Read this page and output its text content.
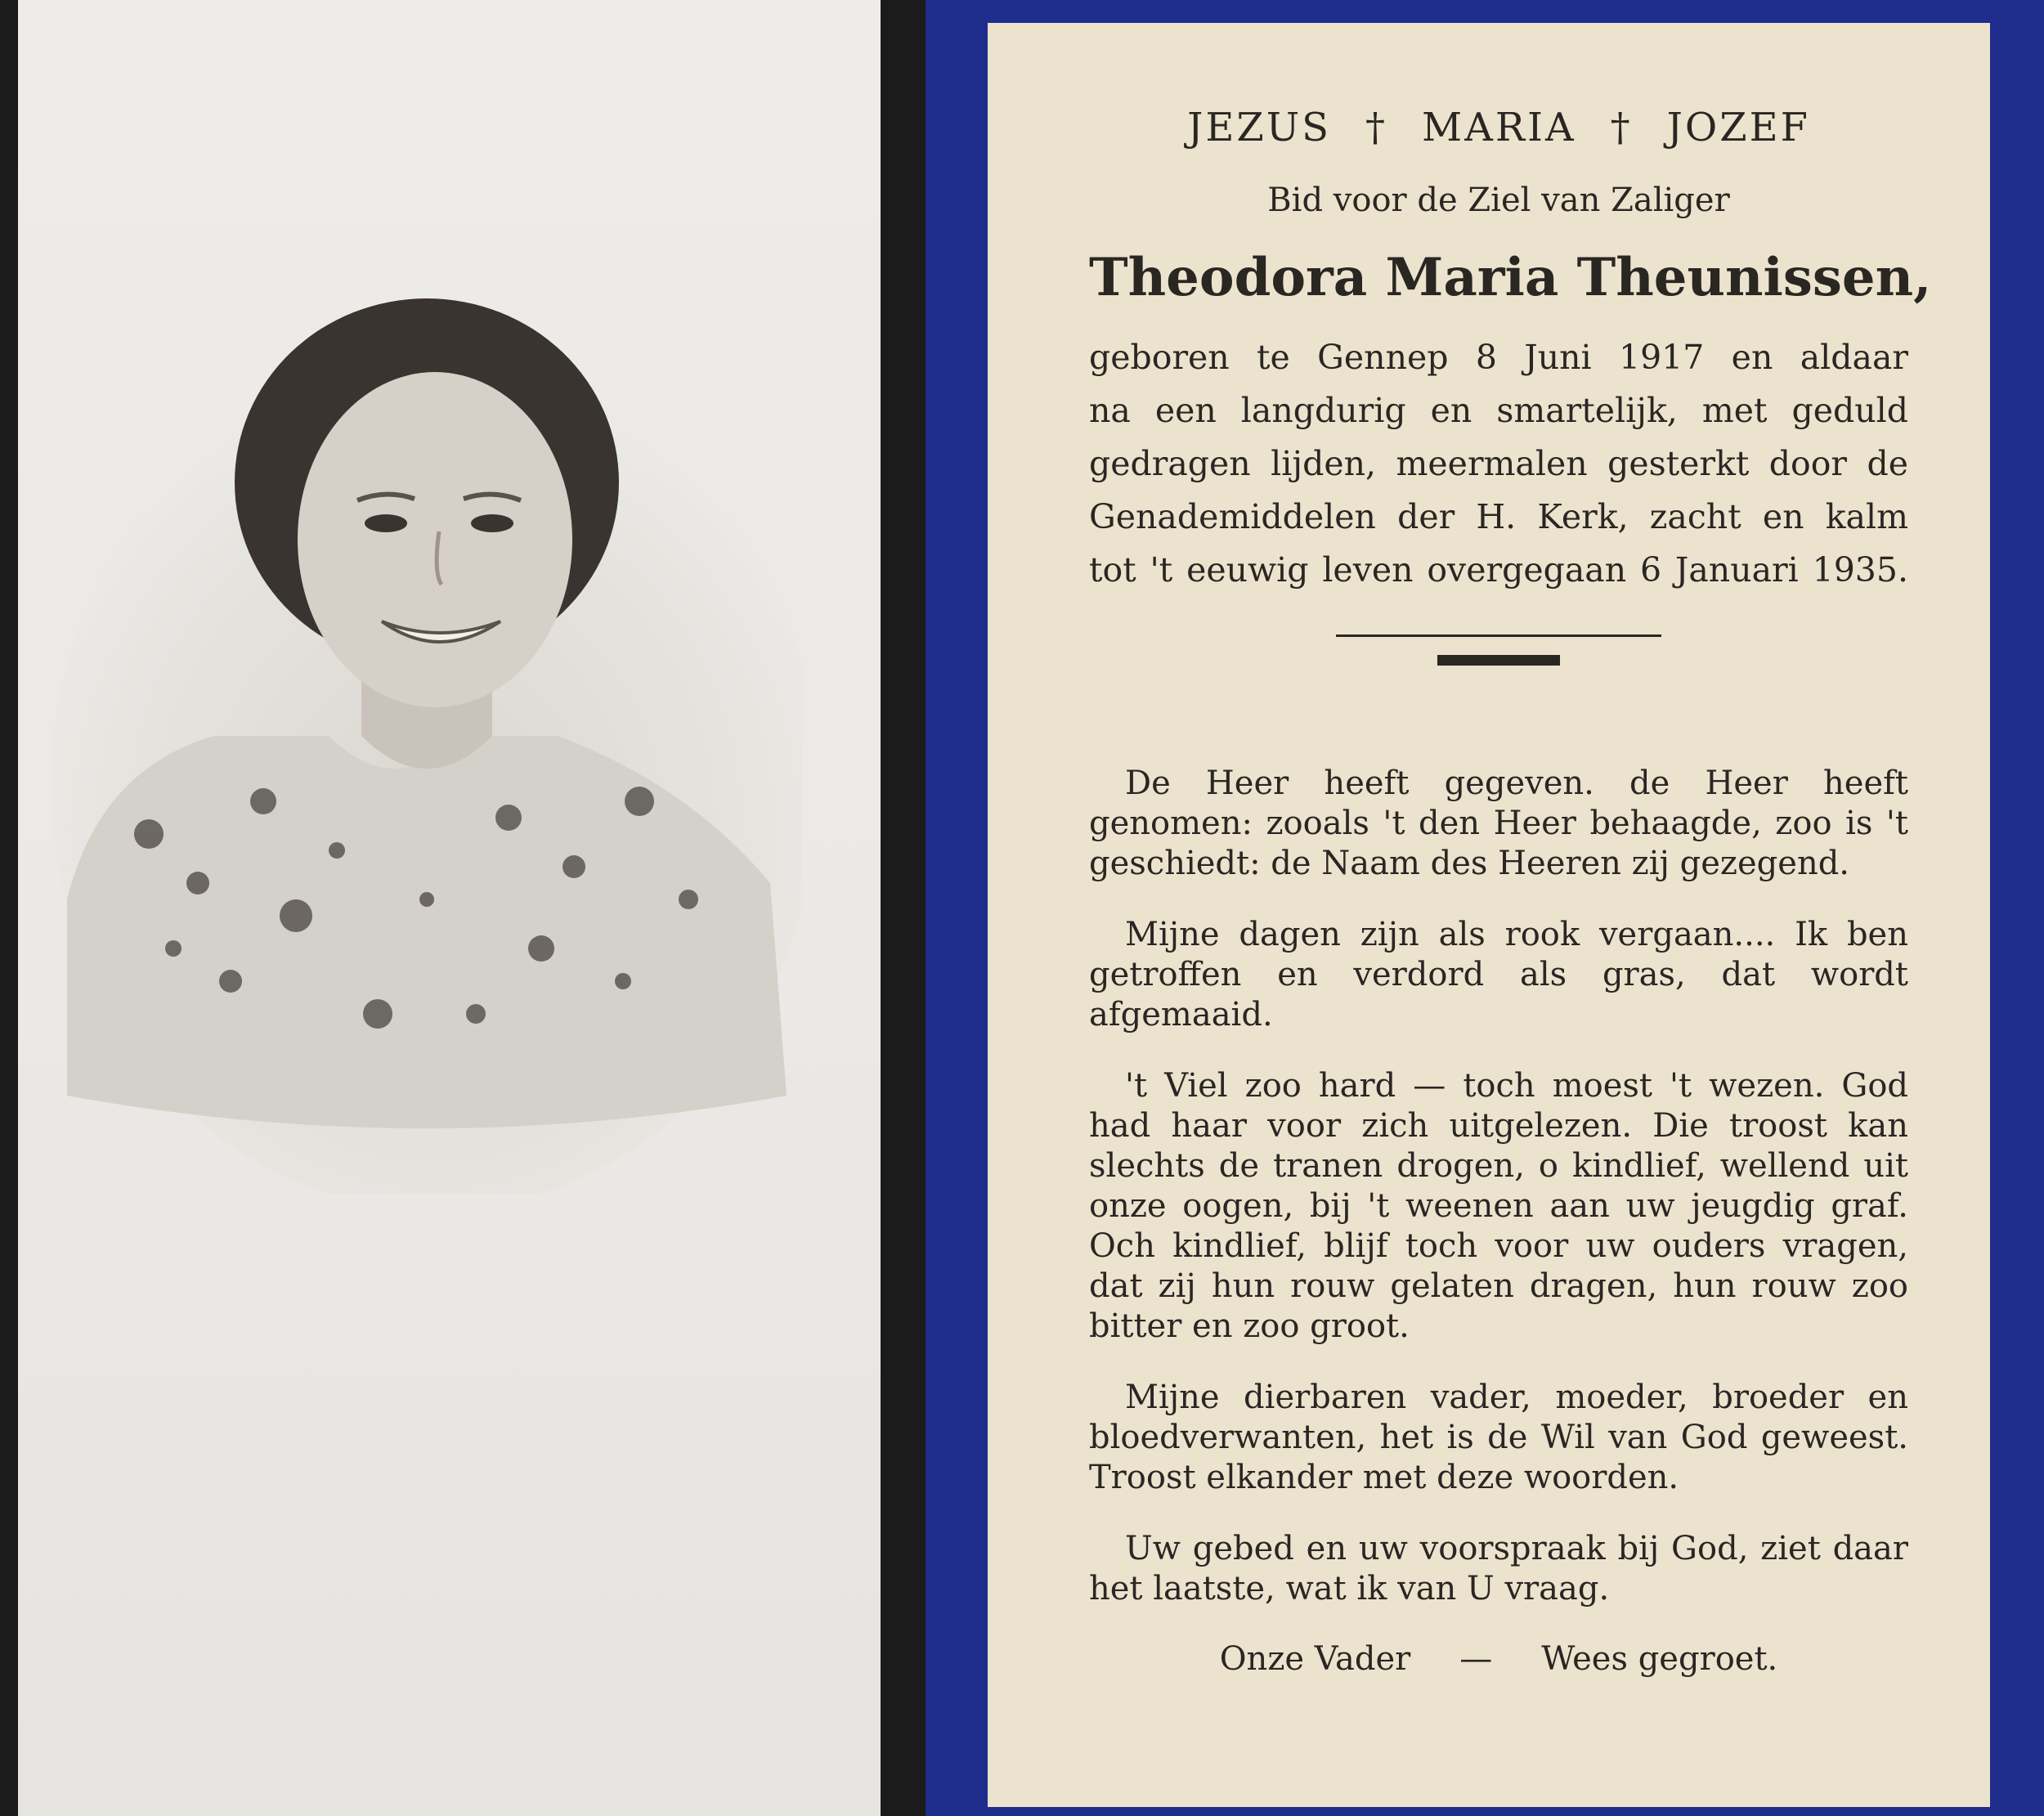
JEZUS † MARIA † JOZEF
Bid voor de Ziel van Zaliger
Theodora Maria Theunissen,
geboren te Gennep 8 Juni 1917 en aldaar
na een langdurig en smartelijk, met geduld
gedragen lijden, meermalen gesterkt door de
Genademiddelen der H. Kerk, zacht en kalm
tot 't eeuwig leven overgegaan 6 Januari 1935.

De Heer heeft gegeven. de Heer heeft genomen: zooals 't den Heer behaagde, zoo is 't geschiedt: de Naam des Heeren zij gezegend.

Mijne dagen zijn als rook vergaan.... Ik ben getroffen en verdord als gras, dat wordt afgemaaid.

't Viel zoo hard — toch moest 't wezen. God had haar voor zich uitgelezen. Die troost kan slechts de tranen drogen, o kindlief, wellend uit onze oogen, bij 't weenen aan uw jeugdig graf. Och kindlief, blijf toch voor uw ouders vragen, dat zij hun rouw gelaten dragen, hun rouw zoo bitter en zoo groot.

Mijne dierbaren vader, moeder, broeder en bloedverwanten, het is de Wil van God geweest. Troost elkander met deze woorden.

Uw gebed en uw voorspraak bij God, ziet daar het laatste, wat ik van U vraag.

Onze Vader — Wees gegroet.
